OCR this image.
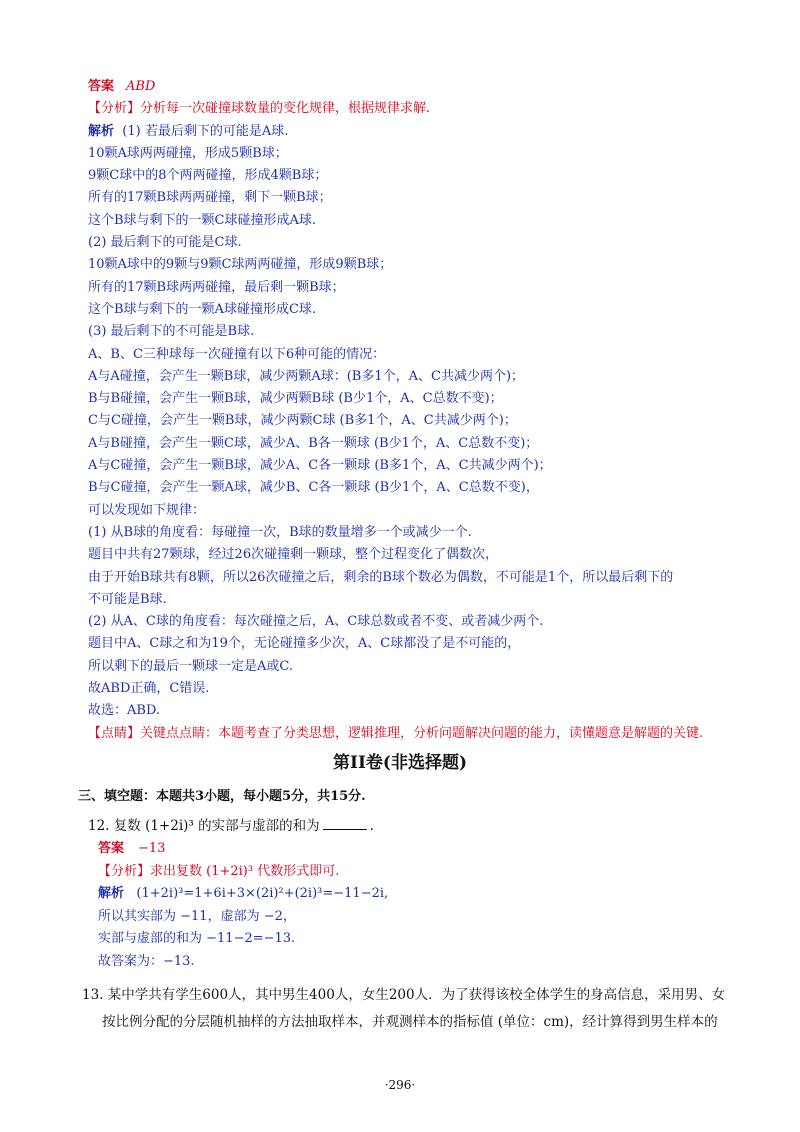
答案 ABD
【分析】分析每一次碰撞球数量的变化规律，根据规律求解.
解析 (1) 若最后剩下的可能是A球.
10颗A球两两碰撞，形成5颗B球；
9颗C球中的8个两两碰撞，形成4颗B球；
所有的17颗B球两两碰撞，剩下一颗B球；
这个B球与剩下的一颗C球碰撞形成A球.
(2) 最后剩下的可能是C球.
10颗A球中的9颗与9颗C球两两碰撞，形成9颗B球；
所有的17颗B球两两碰撞，最后剩一颗B球；
这个B球与剩下的一颗A球碰撞形成C球.
(3) 最后剩下的不可能是B球.
A、B、C三种球每一次碰撞有以下6种可能的情况：
A与A碰撞，会产生一颗B球，减少两颗A球：(B多1个，A、C共减少两个)；
B与B碰撞，会产生一颗B球，减少两颗B球 (B少1个，A、C总数不变)；
C与C碰撞，会产生一颗B球，减少两颗C球 (B多1个，A、C共减少两个)；
A与B碰撞，会产生一颗C球，减少A、B各一颗球 (B少1个，A、C总数不变)；
A与C碰撞，会产生一颗B球，减少A、C各一颗球 (B多1个，A、C共减少两个)；
B与C碰撞，会产生一颗A球，减少B、C各一颗球 (B少1个，A、C总数不变)，
可以发现如下规律：
(1) 从B球的角度看：每碰撞一次，B球的数量增多一个或减少一个.
题目中共有27颗球，经过26次碰撞剩一颗球，整个过程变化了偶数次，
由于开始B球共有8颗，所以26次碰撞之后，剩余的B球个数必为偶数，不可能是1个，所以最后剩下的
不可能是B球.
(2) 从A、C球的角度看：每次碰撞之后，A、C球总数或者不变、或者减少两个.
题目中A、C球之和为19个，无论碰撞多少次，A、C球都没了是不可能的，
所以剩下的最后一颗球一定是A或C.
故ABD正确，C错误.
故选：ABD.
【点睛】关键点点睛：本题考查了分类思想，逻辑推理，分析问题解决问题的能力，读懂题意是解题的关键.
第II卷(非选择题)
三、填空题：本题共3小题，每小题5分，共15分.
12. 复数 (1+2i)³ 的实部与虚部的和为	.
答案 −13
【分析】求出复数 (1+2i)³ 代数形式即可.
解析 (1+2i)³=1+6i+3×(2i)²+(2i)³=−11−2i,
所以其实部为 −11，虚部为 −2，
实部与虚部的和为 −11−2=−13.
故答案为：−13.
13. 某中学共有学生600人，其中男生400人，女生200人．为了获得该校全体学生的身高信息，采用男、女
按比例分配的分层随机抽样的方法抽取样本，并观测样本的指标值 (单位：cm)，经计算得到男生样本的
·296·
